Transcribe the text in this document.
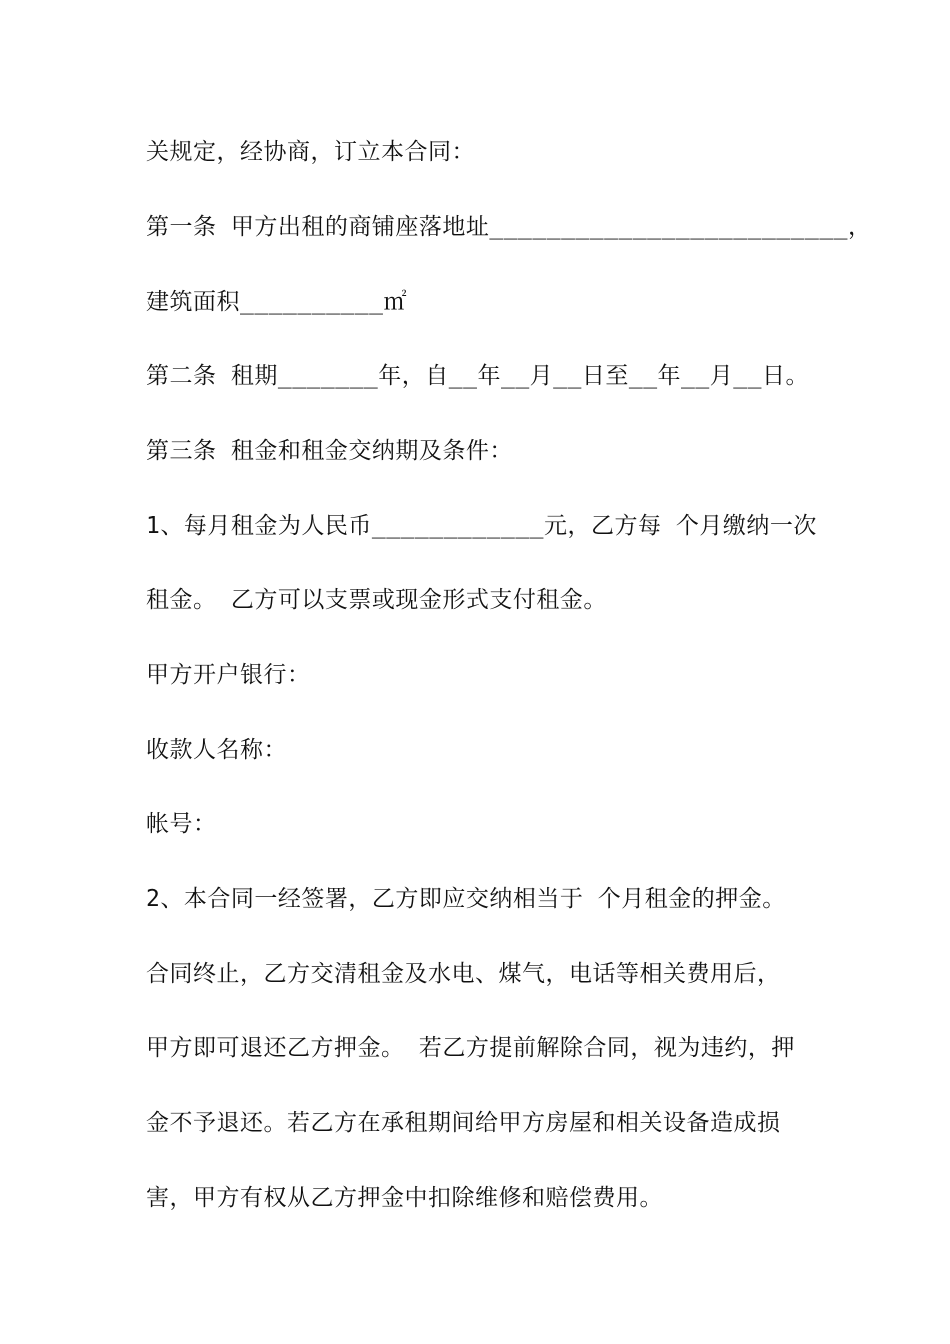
关规定，经协商，订立本合同：
第一条 甲方出租的商铺座落地址_________________________，
建筑面积__________㎡
第二条 租期_______年，自__年__月__日至__年__月__日。
第三条 租金和租金交纳期及条件：
1、每月租金为人民币____________元，乙方每 个月缴纳一次
租金。 乙方可以支票或现金形式支付租金。
甲方开户银行：
收款人名称：
帐号：
2、本合同一经签署，乙方即应交纳相当于 个月租金的押金。
合同终止，乙方交清租金及水电、煤气，电话等相关费用后，
甲方即可退还乙方押金。 若乙方提前解除合同，视为违约，押
金不予退还。若乙方在承租期间给甲方房屋和相关设备造成损
害，甲方有权从乙方押金中扣除维修和赔偿费用。
